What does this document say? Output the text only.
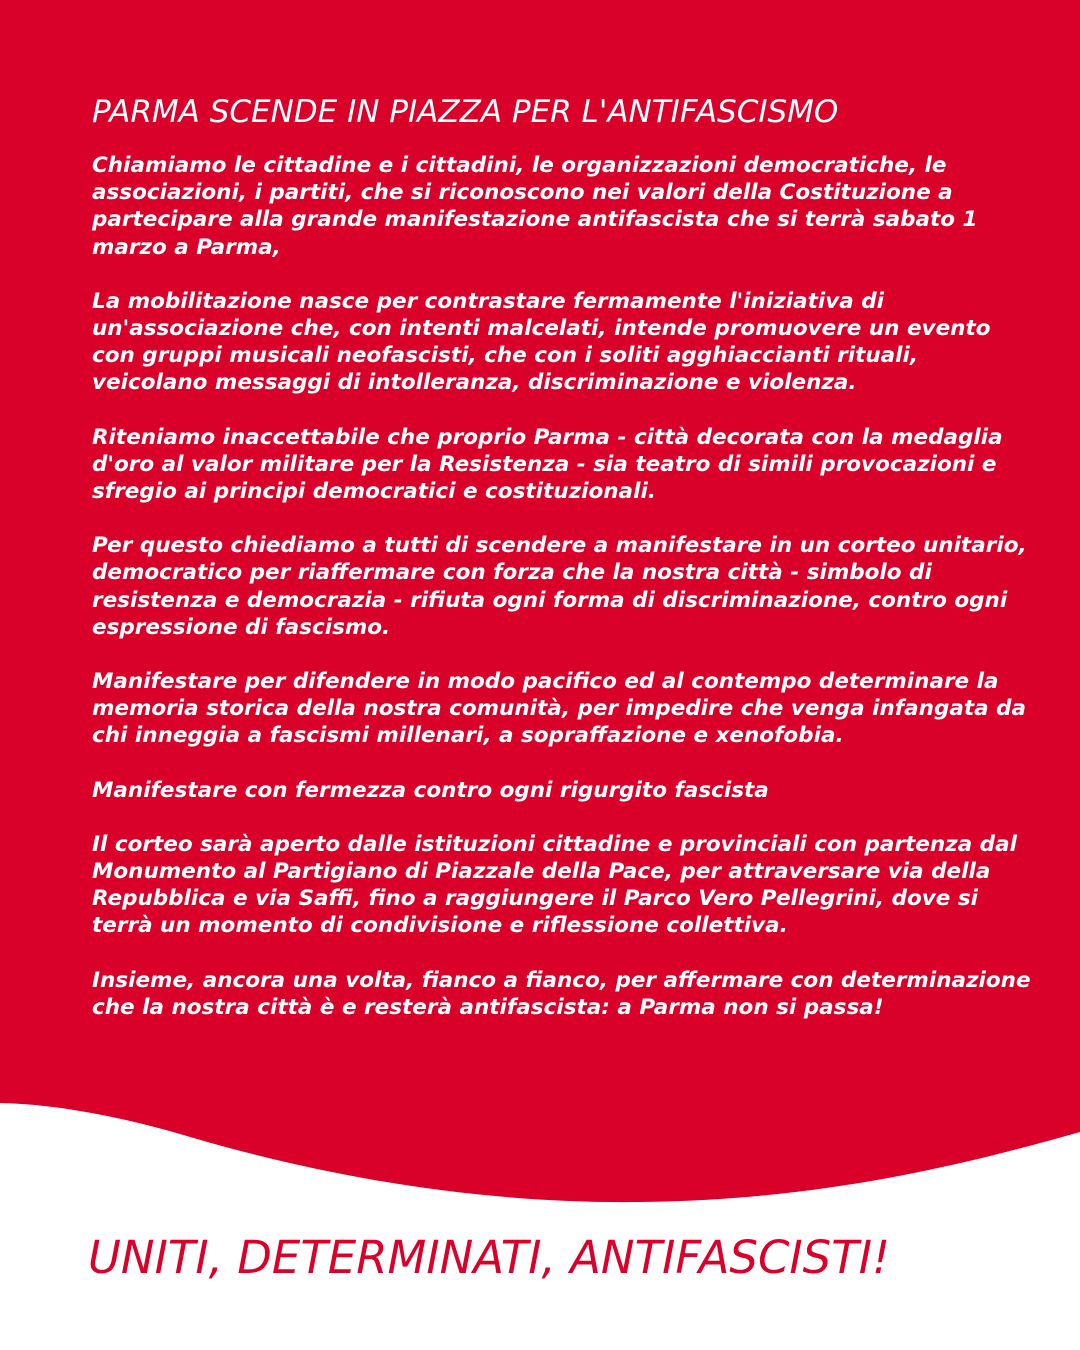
PARMA SCENDE IN PIAZZA PER L'ANTIFASCISMO

Chiamiamo le cittadine e i cittadini, le organizzazioni democratiche, le associazioni, i partiti, che si riconoscono nei valori della Costituzione a partecipare alla grande manifestazione antifascista che si terrà sabato 1 marzo a Parma,

La mobilitazione nasce per contrastare fermamente l'iniziativa di un'associazione che, con intenti malcelati, intende promuovere un evento con gruppi musicali neofascisti, che con i soliti agghiaccianti rituali, veicolano messaggi di intolleranza, discriminazione e violenza.

Riteniamo inaccettabile che proprio Parma - città decorata con la medaglia d'oro al valor militare per la Resistenza - sia teatro di simili provocazioni e sfregio ai principi democratici e costituzionali.

Per questo chiediamo a tutti di scendere a manifestare in un corteo unitario, democratico per riaffermare con forza che la nostra città - simbolo di resistenza e democrazia - rifiuta ogni forma di discriminazione, contro ogni espressione di fascismo.

Manifestare per difendere in modo pacifico ed al contempo determinare la memoria storica della nostra comunità, per impedire che venga infangata da chi inneggia a fascismi millenari, a sopraffazione e xenofobia.

Manifestare con fermezza contro ogni rigurgito fascista

Il corteo sarà aperto dalle istituzioni cittadine e provinciali con partenza dal Monumento al Partigiano di Piazzale della Pace, per attraversare via della Repubblica e via Saffi, fino a raggiungere il Parco Vero Pellegrini, dove si terrà un momento di condivisione e riflessione collettiva.

Insieme, ancora una volta, fianco a fianco, per affermare con determinazione che la nostra città è e resterà antifascista: a Parma non si passa!

UNITI, DETERMINATI, ANTIFASCISTI!
